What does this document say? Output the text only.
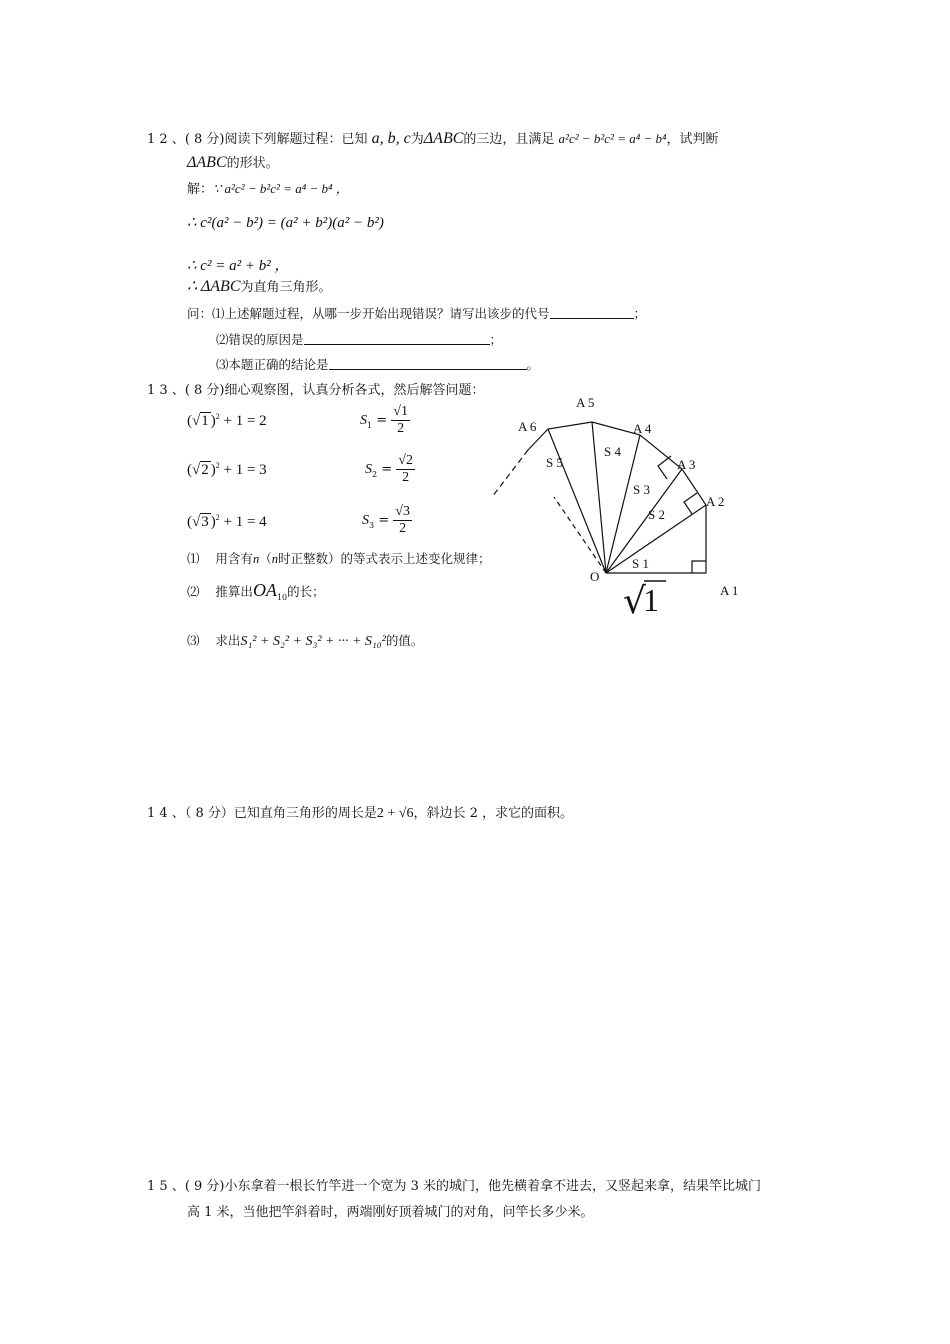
1 2 、( 8 分)阅读下列解题过程：已知 a, b, c为ΔABC的三边，且满足 a²c² − b²c² = a⁴ − b⁴，试判断
ΔABC的形状。
解：∵ a²c² − b²c² = a⁴ − b⁴ ，
∴ c²(a² − b²) = (a² + b²)(a² − b²)
∴ c² = a² + b² ，
∴ ΔABC为直角三角形。
问：⑴上述解题过程，从哪一步开始出现错误？请写出该步的代号	；
⑵错误的原因是	；
⑶本题正确的结论是	。
1 3 、( 8 分)细心观察图，认真分析各式，然后解答问题：
(√1 )$^2$ + 1 = 2	$S_1 = \frac{√1}{2}$
(√2 )$^2$ + 1 = 3	$S_2 = \frac{√2}{2}$
(√3 )$^2$ + 1 = 4	$S_3 = \frac{√3}{2}$
⑴ 用含有n（n时正整数）的等式表示上述变化规律；
⑵ 推算出$OA_{10}$的长；
⑶ 求出S₁² + S₂² + S₃² + ··· + S₁₀²的值。
A 1
A 2
A 3
A 4
A 5
A 6
O
S 1
S 2
S 3
S 4
S 5
√
1
1 4 、（ 8 分）已知直角三角形的周长是2 + √6，斜边长 2 ，求它的面积。
1 5 、( 9 分)小东拿着一根长竹竿进一个宽为 3 米的城门，他先横着拿不进去，又竖起来拿，结果竿比城门
高 1 米，当他把竿斜着时，两端刚好顶着城门的对角，问竿长多少米。
